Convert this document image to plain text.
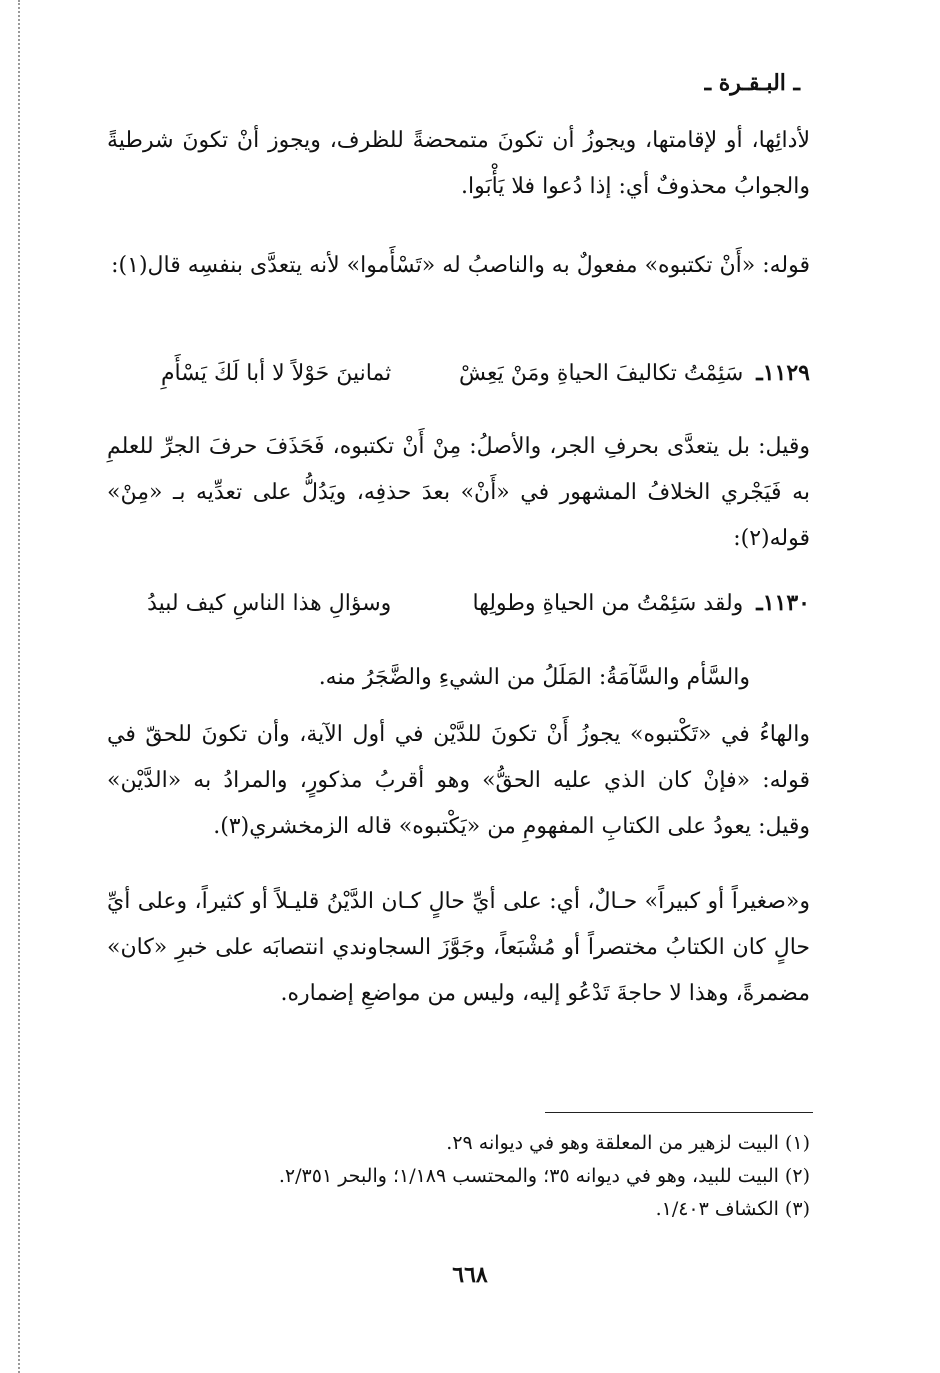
ـ البـقـرة ـ

لأدائِها، أو لإقامتها، ويجوزُ أن تكونَ متمحضةً للظرف، ويجوز أنْ تكونَ شرطيةً والجوابُ محذوفٌ أي: إذا دُعوا فلا يَأْبَوا.

قوله: «أَنْ تكتبوه» مفعولٌ به والناصبُ له «تَسْأَموا» لأنه يتعدَّى بنفسِه قال(١):

١١٢٩ـ سَئِمْتُ تكاليفَ الحياةِ ومَنْ يَعِشْ ثمانينَ حَوْلاً لا أبا لَكَ يَسْأَمِ

وقيل: بل يتعدَّى بحرفِ الجر، والأصلُ: مِنْ أَنْ تكتبوه، فَحَذَفَ حرفَ الجرِّ للعلمِ به فَيَجْري الخلافُ المشهور في «أَنْ» بعدَ حذفِه، ويَدُلُّ على تعدِّيه بـ «مِنْ» قوله(٢):

١١٣٠ـ ولقد سَئِمْتُ من الحياةِ وطولِها وسؤالِ هذا الناسِ كيف لبيدُ

والسَّأم والسَّآمَةُ: المَلَلُ من الشيءِ والضَّجَرُ منه.

والهاءُ في «تَكْتبوه» يجوزُ أَنْ تكونَ للدَّيْن في أول الآية، وأن تكونَ للحقّ في قوله: «فإنْ كان الذي عليه الحقُّ» وهو أقربُ مذكورٍ، والمرادُ به «الدَّيْن» وقيل: يعودُ على الكتابِ المفهومِ من «يَكْتبوه» قاله الزمخشري(٣).

و«صغيراً أو كبيراً» حـالٌ، أي: على أيِّ حالٍ كـان الدَّيْنُ قليـلاً أو كثيراً، وعلى أيِّ حالٍ كان الكتابُ مختصراً أو مُشْبَعاً، وجَوَّزَ السجاوندي انتصابَه على خبرِ «كان» مضمرةً، وهذا لا حاجةَ تَدْعُو إليه، وليس من مواضعِ إضماره.

(١) البيت لزهير من المعلقة وهو في ديوانه ٢٩.
(٢) البيت للبيد، وهو في ديوانه ٣٥؛ والمحتسب ١/١٨٩؛ والبحر ٢/٣٥١.
(٣) الكشاف ١/٤٠٣.
٦٦٨
